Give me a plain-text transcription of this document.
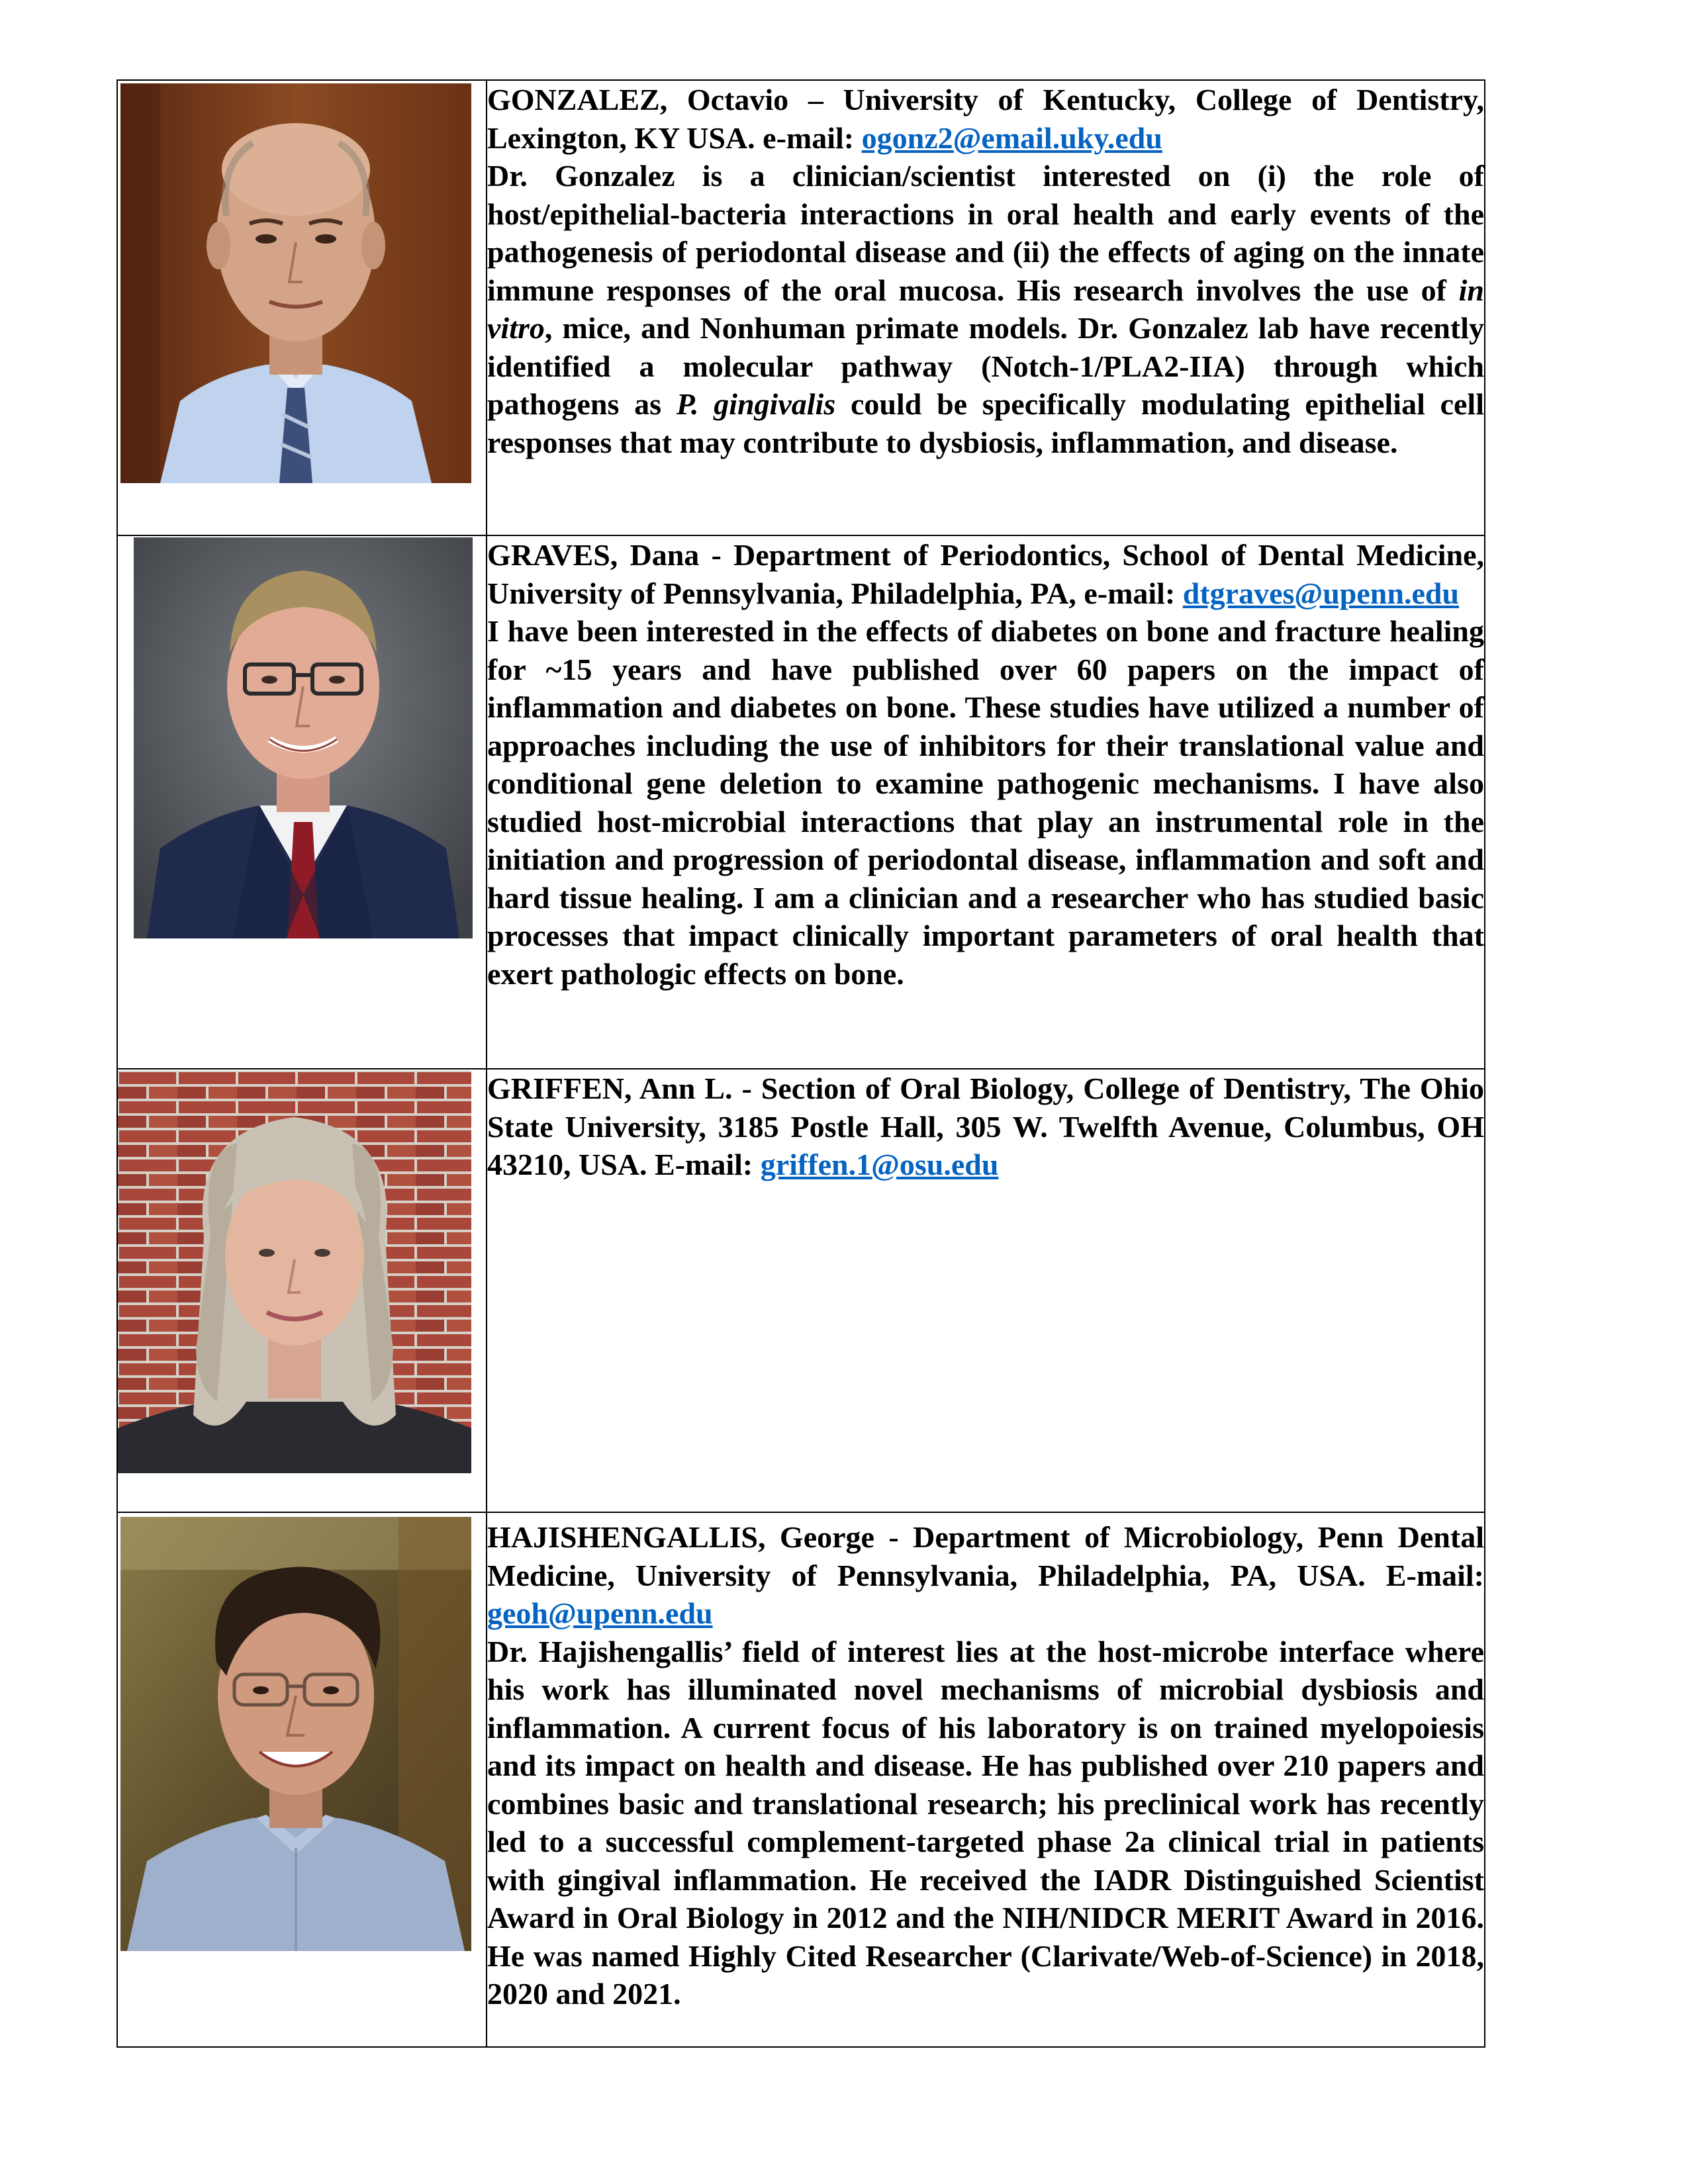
GONZALEZ, Octavio – University of Kentucky, College of Dentistry, Lexington, KY USA. e-mail: ogonz2@email.uky.edu
Dr. Gonzalez is a clinician/scientist interested on (i) the role of host/epithelial-bacteria interactions in oral health and early events of the pathogenesis of periodontal disease and (ii) the effects of aging on the innate immune responses of the oral mucosa. His research involves the use of in vitro, mice, and Nonhuman primate models. Dr. Gonzalez lab have recently identified a molecular pathway (Notch-1/PLA2-IIA) through which pathogens as P. gingivalis could be specifically modulating epithelial cell responses that may contribute to dysbiosis, inflammation, and disease.

GRAVES, Dana - Department of Periodontics, School of Dental Medicine, University of Pennsylvania, Philadelphia, PA, e-mail: dtgraves@upenn.edu
I have been interested in the effects of diabetes on bone and fracture healing for ~15 years and have published over 60 papers on the impact of inflammation and diabetes on bone. These studies have utilized a number of approaches including the use of inhibitors for their translational value and conditional gene deletion to examine pathogenic mechanisms. I have also studied host-microbial interactions that play an instrumental role in the initiation and progression of periodontal disease, inflammation and soft and hard tissue healing. I am a clinician and a researcher who has studied basic processes that impact clinically important parameters of oral health that exert pathologic effects on bone.

GRIFFEN, Ann L. - Section of Oral Biology, College of Dentistry, The Ohio State University, 3185 Postle Hall, 305 W. Twelfth Avenue, Columbus, OH 43210, USA. E-mail: griffen.1@osu.edu

HAJISHENGALLIS, George - Department of Microbiology, Penn Dental Medicine, University of Pennsylvania, Philadelphia, PA, USA. E-mail: geoh@upenn.edu
Dr. Hajishengallis’ field of interest lies at the host-microbe interface where his work has illuminated novel mechanisms of microbial dysbiosis and inflammation. A current focus of his laboratory is on trained myelopoiesis and its impact on health and disease. He has published over 210 papers and combines basic and translational research; his preclinical work has recently led to a successful complement-targeted phase 2a clinical trial in patients with gingival inflammation. He received the IADR Distinguished Scientist Award in Oral Biology in 2012 and the NIH/NIDCR MERIT Award in 2016. He was named Highly Cited Researcher (Clarivate/Web-of-Science) in 2018, 2020 and 2021.
